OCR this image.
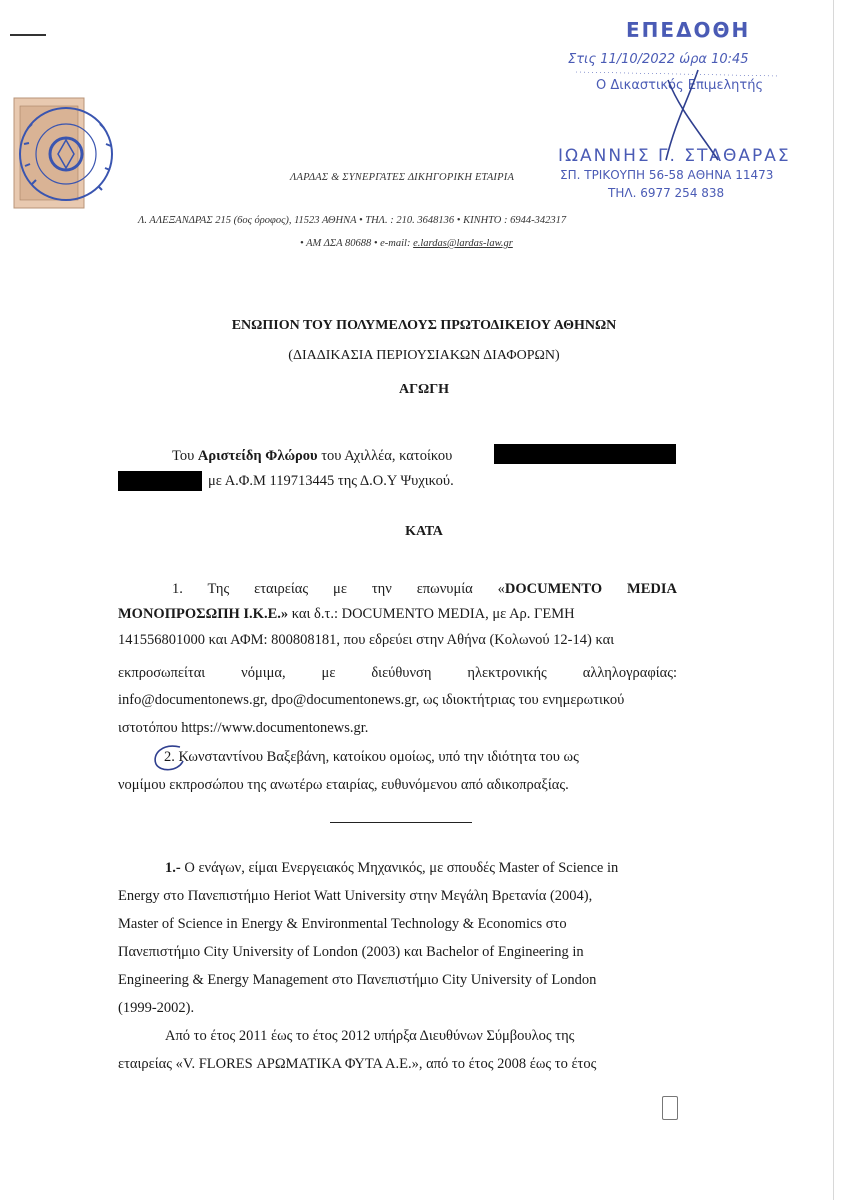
ΛΑΡΔΑΣ & ΣΥΝΕΡΓΑΤΕΣ ΔΙΚΗΓΟΡΙΚΗ ΕΤΑΙΡΙΑ
Λ. ΑΛΕΞΑΝΔΡΑΣ 215 (6ος όροφος), 11523 ΑΘΗΝΑ • ΤΗΛ. : 210. 3648136 • ΚΙΝΗΤΟ : 6944-342317
• ΑΜ ΔΣΑ 80688 • e-mail: e.lardas@lardas-law.gr
ΕΠΕΔΟΘΗ
Στις 11/10/2022 ώρα 10:45
Ο Δικαστικός Επιμελητής
ΙΩΑΝΝΗΣ Γ. ΣΤΑΘΑΡΑΣ
ΣΠ. ΤΡΙΚΟΥΠΗ 56-58 ΑΘΗΝΑ 11473
ΤΗΛ. 6977 254 838
ΕΝΩΠΙΟΝ ΤΟΥ ΠΟΛΥΜΕΛΟΥΣ ΠΡΩΤΟΔΙΚΕΙΟΥ ΑΘΗΝΩΝ
(ΔΙΑΔΙΚΑΣΙΑ ΠΕΡΙΟΥΣΙΑΚΩΝ ΔΙΑΦΟΡΩΝ)
ΑΓΩΓΗ
Του Αριστείδη Φλώρου του Αχιλλέα, κατοίκου
με Α.Φ.Μ 119713445 της Δ.Ο.Υ Ψυχικού.
ΚΑΤΑ
1. Της εταιρείας με την επωνυμία «DOCUMENTO MEDIA
ΜΟΝΟΠΡΟΣΩΠΗ Ι.Κ.Ε.» και δ.τ.: DOCUMENTO MEDIA, με Αρ. ΓΕΜΗ
141556801000 και ΑΦΜ: 800808181, που εδρεύει στην Αθήνα (Κολωνού 12-14) και
εκπροσωπείται νόμιμα, με διεύθυνση ηλεκτρονικής αλληλογραφίας:
info@documentonews.gr, dpo@documentonews.gr, ως ιδιοκτήτριας του ενημερωτικού
ιστοτόπου https://www.documentonews.gr.
2. Κωνσταντίνου Βαξεβάνη, κατοίκου ομοίως, υπό την ιδιότητα του ως
νομίμου εκπροσώπου της ανωτέρω εταιρίας, ευθυνόμενου από αδικοπραξίας.
1.- Ο ενάγων, είμαι Ενεργειακός Μηχανικός, με σπουδές Master of Science in
Energy στο Πανεπιστήμιο Heriot Watt University στην Μεγάλη Βρετανία (2004),
Master of Science in Energy & Environmental Technology & Economics στο
Πανεπιστήμιο City University of London (2003) και Bachelor of Engineering in
Engineering & Energy Management στο Πανεπιστήμιο City University of London
(1999-2002).
Από το έτος 2011 έως το έτος 2012 υπήρξα Διευθύνων Σύμβουλος της
εταιρείας «V. FLORES ΑΡΩΜΑΤΙΚΑ ΦΥΤΑ Α.Ε.», από το έτος 2008 έως το έτος
